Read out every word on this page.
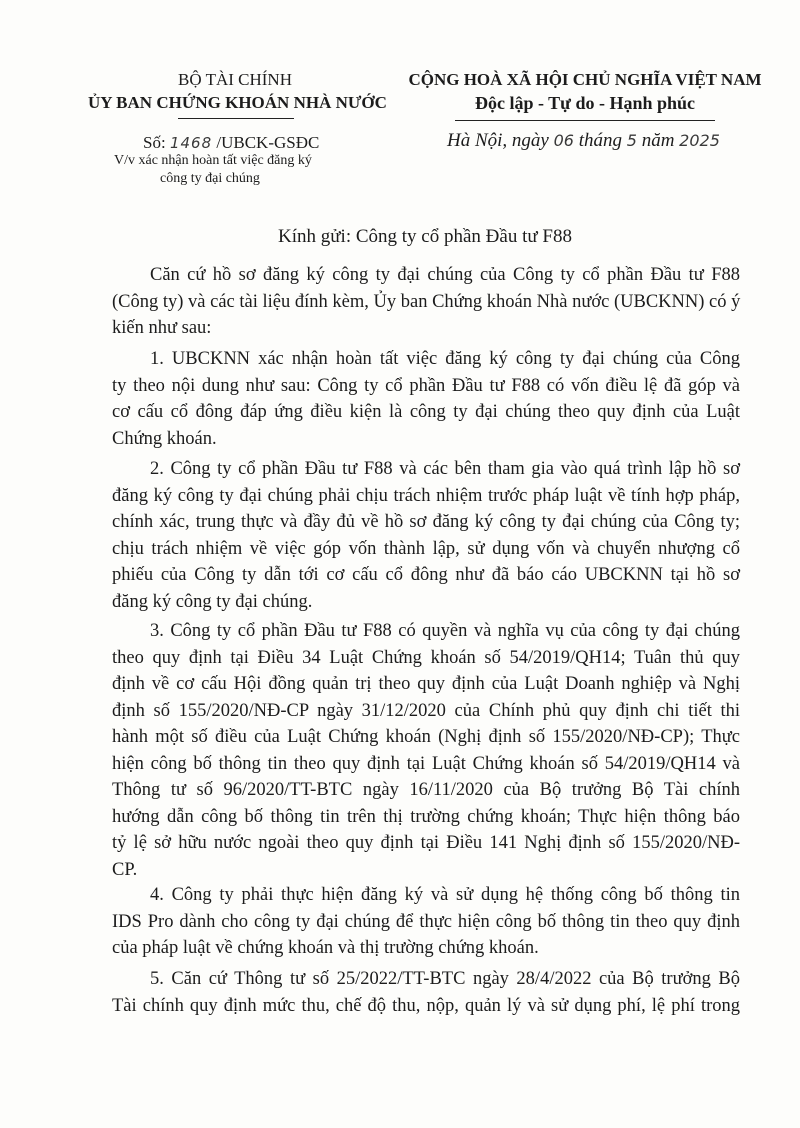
BỘ TÀI CHÍNH
ỦY BAN CHỨNG KHOÁN NHÀ NƯỚC
CỘNG HOÀ XÃ HỘI CHỦ NGHĨA VIỆT NAM
Độc lập - Tự do - Hạnh phúc
Số: 1468 /UBCK-GSĐC
V/v xác nhận hoàn tất việc đăng ký
công ty đại chúng
Hà Nội, ngày 06 tháng 5 năm 2025
Kính gửi: Công ty cổ phần Đầu tư F88
Căn cứ hồ sơ đăng ký công ty đại chúng của Công ty cổ phần Đầu tư F88
(Công ty) và các tài liệu đính kèm, Ủy ban Chứng khoán Nhà nước (UBCKNN) có ý
kiến như sau:
1. UBCKNN xác nhận hoàn tất việc đăng ký công ty đại chúng của Công
ty theo nội dung như sau: Công ty cổ phần Đầu tư F88 có vốn điều lệ đã góp và
cơ cấu cổ đông đáp ứng điều kiện là công ty đại chúng theo quy định của Luật
Chứng khoán.
2. Công ty cổ phần Đầu tư F88 và các bên tham gia vào quá trình lập hồ sơ
đăng ký công ty đại chúng phải chịu trách nhiệm trước pháp luật về tính hợp pháp,
chính xác, trung thực và đầy đủ về hồ sơ đăng ký công ty đại chúng của Công ty;
chịu trách nhiệm về việc góp vốn thành lập, sử dụng vốn và chuyển nhượng cổ
phiếu của Công ty dẫn tới cơ cấu cổ đông như đã báo cáo UBCKNN tại hồ sơ
đăng ký công ty đại chúng.
3. Công ty cổ phần Đầu tư F88 có quyền và nghĩa vụ của công ty đại chúng
theo quy định tại Điều 34 Luật Chứng khoán số 54/2019/QH14; Tuân thủ quy
định về cơ cấu Hội đồng quản trị theo quy định của Luật Doanh nghiệp và Nghị
định số 155/2020/NĐ-CP ngày 31/12/2020 của Chính phủ quy định chi tiết thi
hành một số điều của Luật Chứng khoán (Nghị định số 155/2020/NĐ-CP); Thực
hiện công bố thông tin theo quy định tại Luật Chứng khoán số 54/2019/QH14 và
Thông tư số 96/2020/TT-BTC ngày 16/11/2020 của Bộ trưởng Bộ Tài chính
hướng dẫn công bố thông tin trên thị trường chứng khoán; Thực hiện thông báo
tỷ lệ sở hữu nước ngoài theo quy định tại Điều 141 Nghị định số 155/2020/NĐ-
CP.
4. Công ty phải thực hiện đăng ký và sử dụng hệ thống công bố thông tin
IDS Pro dành cho công ty đại chúng để thực hiện công bố thông tin theo quy định
của pháp luật về chứng khoán và thị trường chứng khoán.
5. Căn cứ Thông tư số 25/2022/TT-BTC ngày 28/4/2022 của Bộ trưởng Bộ
Tài chính quy định mức thu, chế độ thu, nộp, quản lý và sử dụng phí, lệ phí trong
